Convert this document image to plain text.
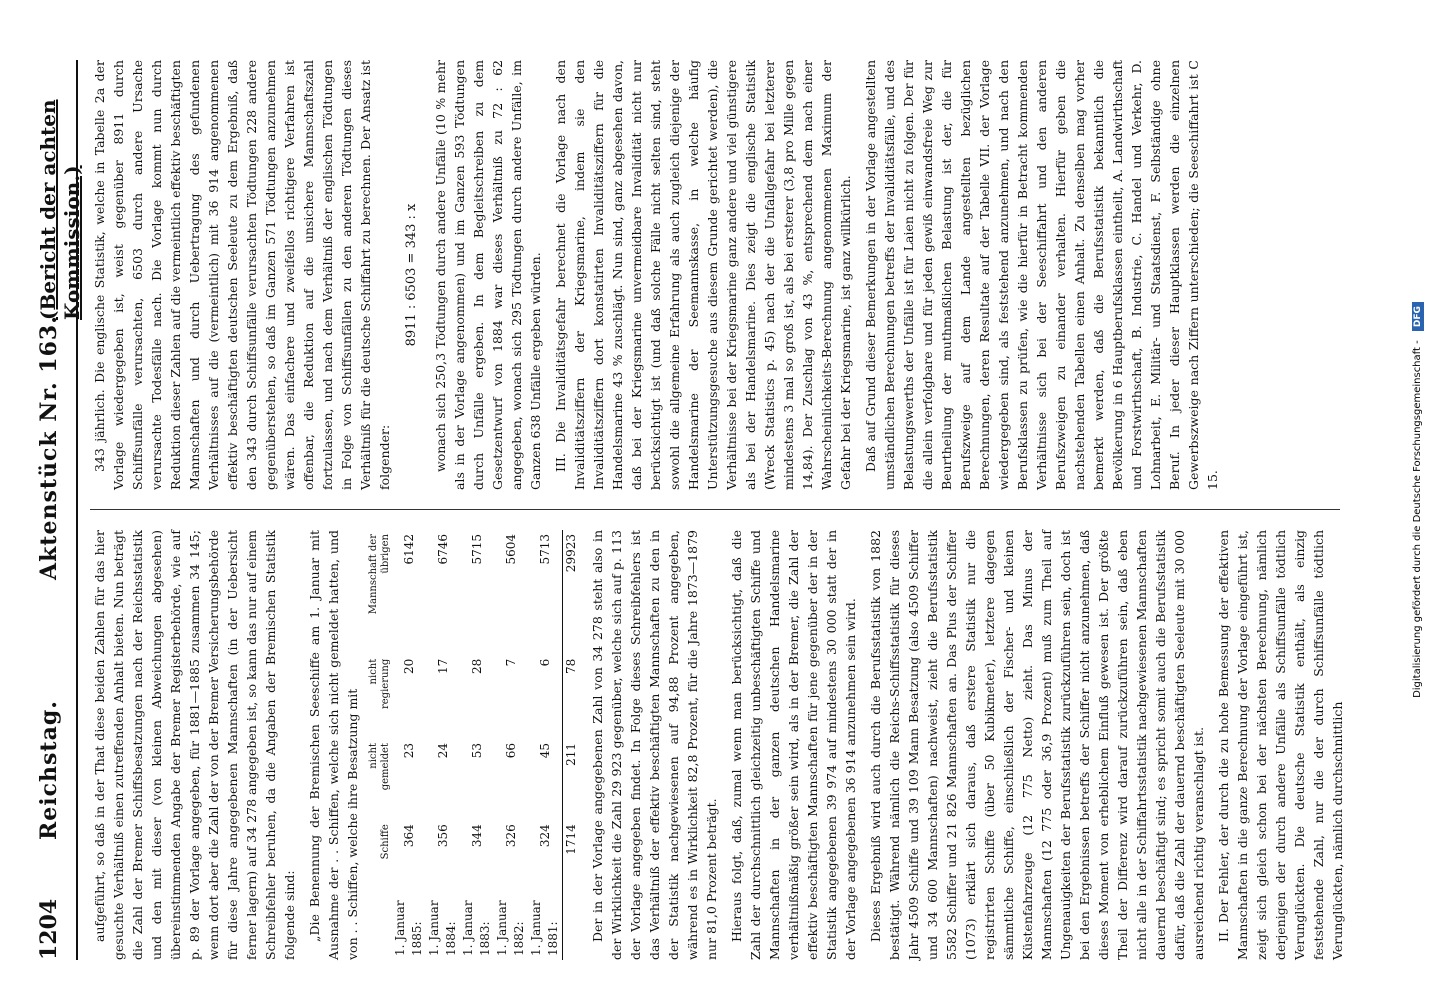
1204
Reichstag.
Aktenstück Nr. 163.
(Bericht der achten Kommission.)

aufgeführt, so daß in der That diese beiden Zahlen für das hier gesuchte Verhältniß einen zutreffenden Anhalt bieten. Nun beträgt die Zahl der Bremer Schiffsbesatzungen nach der Reichsstatistik und den mit dieser (von kleinen Abweichungen abgesehen) übereinstimmenden Angabe der Bremer Registerbehörde, wie auf p. 89 der Vorlage angegeben, für 1881—1885 zusammen 34 145; wenn dort aber die Zahl der von der Bremer Versicherungsbehörde für diese Jahre angegebenen Mannschaften (in der Uebersicht ferner lagern) auf 34 278 angegeben ist, so kann das nur auf einem Schreibfehler beruhen, da die Angaben der Bremischen Statistik folgende sind: „Die Benennung der Bremischen Seeschiffe am 1. Januar mit Ausnahme der . . Schiffen, welche sich nicht gemeldet hatten, und von . . Schiffen, welche ihre Besatzung mit

	Schiffe	nicht gemeldet	nicht regierung	Mannschaft der übrigen
1. Januar 1885:	364	23	20	6142
1. Januar 1884:	356	24	17	6746
1. Januar 1883:	344	53	28	5715
1. Januar 1882:	326	66	7	5604
1. Januar 1881:	324	45	6	5713
	1714	211	78	29923 Der in der Vorlage angegebenen Zahl von 34 278 steht also in der Wirklichkeit die Zahl 29 923 gegenüber, welche sich auf p. 113 der Vorlage angegeben findet. In Folge dieses Schreibfehlers ist das Verhältniß der effektiv beschäftigten Mannschaften zu den in der Statistik nachgewiesenen auf 94,88 Prozent angegeben, während es in Wirklichkeit 82,8 Prozent, für die Jahre 1873—1879 nur 81,0 Prozent beträgt. Hieraus folgt, daß, zumal wenn man berücksichtigt, daß die Zahl der durchschnittlich gleichzeitig unbeschäftigten Schiffe und Mannschaften in der ganzen deutschen Handelsmarine verhältnißmäßig größer sein wird, als in der Bremer, die Zahl der effektiv beschäftigten Mannschaften für jene gegenüber der in der Statistik angegebenen 39 974 auf mindestens 30 000 statt der in der Vorlage angegebenen 36 914 anzunehmen sein wird. Dieses Ergebniß wird auch durch die Berufsstatistik von 1882 bestätigt. Während nämlich die Reichs-Schiffsstatistik für dieses Jahr 4509 Schiffe und 39 109 Mann Besatzung (also 4509 Schiffer und 34 600 Mannschaften) nachweist, zieht die Berufsstatistik 5582 Schiffer und 21 826 Mannschaften an. Das Plus der Schiffer (1073) erklärt sich daraus, daß erstere Statistik nur die registrirten Schiffe (über 50 Kubikmeter), letztere dagegen sämmtliche Schiffe, einschließlich der Fischer- und kleinen Küstenfahrzeuge (12 775 Netto) zieht. Das Minus der Mannschaften (12 775 oder 36,9 Prozent) muß zum Theil auf Ungenauigkeiten der Berufsstatistik zurückzuführen sein, doch ist bei den Ergebnissen betreffs der Schiffer nicht anzunehmen, daß dieses Moment von erheblichem Einfluß gewesen ist. Der größte Theil der Differenz wird darauf zurückzuführen sein, daß eben nicht alle in der Schiffahrtsstatistik nachgewiesenen Mannschaften dauernd beschäftigt sind; es spricht somit auch die Berufsstatistik dafür, daß die Zahl der dauernd beschäftigten Seeleute mit 30 000 ausreichend richtig veranschlagt ist. II. Der Fehler, der durch die zu hohe Bemessung der effektiven Mannschaften in die ganze Berechnung der Vorlage eingeführt ist, zeigt sich gleich schon bei der nächsten Berechnung, nämlich derjenigen der durch andere Unfälle als Schiffsunfälle tödtlich Verunglückten. Die deutsche Statistik enthält, als einzig feststehende Zahl, nur die der durch Schiffsunfälle tödtlich Verunglückten, nämlich durchschnittlich

343 jährlich. Die englische Statistik, welche in Tabelle 2a der Vorlage wiedergegeben ist, weist gegenüber 8911 durch Schiffsunfälle verursachten, 6503 durch andere Ursache verursachte Todesfälle nach. Die Vorlage kommt nun durch Reduktion dieser Zahlen auf die vermeintlich effektiv beschäftigten Mannschaften und durch Uebertragung des gefundenen Verhältnisses auf die (vermeintlich) mit 36 914 angenommenen effektiv beschäftigten deutschen Seeleute zu dem Ergebniß, daß den 343 durch Schiffsunfälle verursachten Tödtungen 228 andere gegenüberstehen, so daß im Ganzen 571 Tödtungen anzunehmen wären. Das einfachere und zweifellos richtigere Verfahren ist offenbar, die Reduktion auf die unsichere Mannschaftszahl fortzulassen, und nach dem Verhältniß der englischen Tödtungen in Folge von Schiffsunfällen zu den anderen Tödtungen dieses Verhältniß für die deutsche Schiffahrt zu berechnen. Der Ansatz ist folgender:

8911 : 6503 = 343 : x wonach sich 250,3 Tödtungen durch andere Unfälle (10 % mehr als in der Vorlage angenommen) und im Ganzen 593 Tödtungen durch Unfälle ergeben. In dem Begleitschreiben zu dem Gesetzentwurf von 1884 war dieses Verhältniß zu 72 : 62 angegeben, wonach sich 295 Tödtungen durch andere Unfälle, im Ganzen 638 Unfälle ergeben würden. III. Die Invaliditätsgefahr berechnet die Vorlage nach den Invaliditätsziffern der Kriegsmarine, indem sie den Invaliditätsziffern dort konstatirten Invaliditätsziffern für die Handelsmarine 43 % zuschlägt. Nun sind, ganz abgesehen davon, daß bei der Kriegsmarine unvermeidbare Invalidität nicht nur berücksichtigt ist (und daß solche Fälle nicht selten sind, steht sowohl die allgemeine Erfahrung als auch zugleich diejenige der Handelsmarine der Seemannskasse, in welche häufig Unterstützungsgesuche aus diesem Grunde gerichtet werden), die Verhältnisse bei der Kriegsmarine ganz andere und viel günstigere als bei der Handelsmarine. Dies zeigt die englische Statistik (Wreck Statistics p. 45) nach der die Unfallgefahr bei letzterer mindestens 3 mal so groß ist, als bei ersterer (3,8 pro Mille gegen 14,84). Der Zuschlag von 43 %, entsprechend dem nach einer Wahrscheinlichkeits-Berechnung angenommenen Maximum der Gefahr bei der Kriegsmarine, ist ganz willkürlich. Daß auf Grund dieser Bemerkungen in der Vorlage angestellten umständlichen Berechnungen betreffs der Invaliditätsfälle, und des Belastungswerths der Unfälle ist für Laien nicht zu folgen. Der für die allein verfolgbare und für jeden gewiß einwandsfreie Weg zur Beurtheilung der muthmaßlichen Belastung ist der, die für Berufszweige auf dem Lande angestellten bezüglichen Berechnungen, deren Resultate auf der Tabelle VII. der Vorlage wiedergegeben sind, als feststehend anzunehmen, und nach den Berufsklassen zu prüfen, wie die hierfür in Betracht kommenden Verhältnisse sich bei der Seeschiffahrt und den anderen Berufszweigen zu einander verhalten. Hierfür geben die nachstehenden Tabellen einen Anhalt. Zu denselben mag vorher bemerkt werden, daß die Berufsstatistik bekanntlich die Bevölkerung in 6 Hauptberufsklassen eintheilt, A. Landwirthschaft und Forstwirthschaft, B. Industrie, C. Handel und Verkehr, D. Lohnarbeit, E. Militär- und Staatsdienst, F. Selbständige ohne Beruf. In jeder dieser Hauptklassen werden die einzelnen Gewerbszweige nach Ziffern unterschieden; die Seeschiffahrt ist C 15.	Digitalisierung gefördert durch die Deutsche Forschungsgemeinschaft - DFG
